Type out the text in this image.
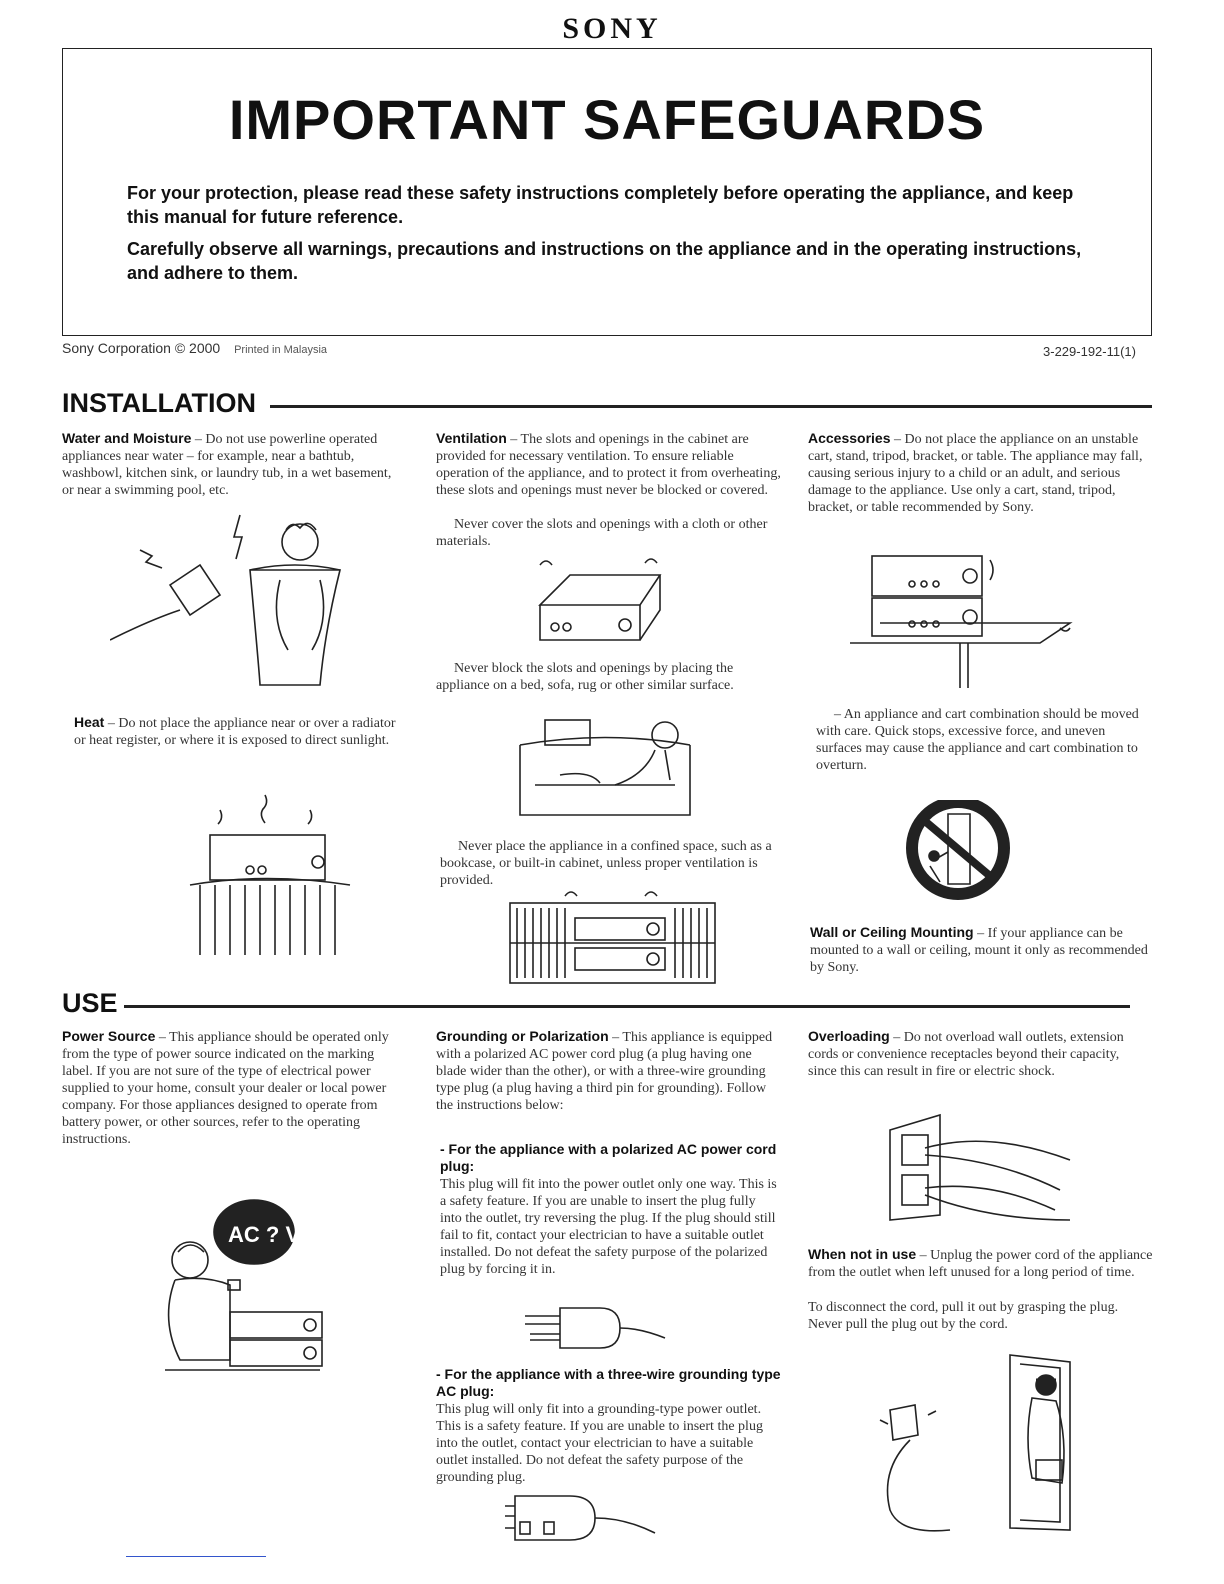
SONY
IMPORTANT SAFEGUARDS

For your protection, please read these safety instructions completely before operating the appliance, and keep this manual for future reference.

Carefully observe all warnings, precautions and instructions on the appliance and in the operating instructions, and adhere to them.

Sony Corporation © 2000 Printed in Malaysia	3-229-192-11(1)
INSTALLATION

Water and Moisture – Do not use powerline operated appliances near water – for example, near a bathtub, washbowl, kitchen sink, or laundry tub, in a wet basement, or near a swimming pool, etc.

Heat – Do not place the appliance near or over a radiator or heat register, or where it is exposed to direct sunlight.

Ventilation – The slots and openings in the cabinet are provided for necessary ventilation. To ensure reliable operation of the appliance, and to protect it from overheating, these slots and openings must never be blocked or covered.

Never cover the slots and openings with a cloth or other materials.

Never block the slots and openings by placing the appliance on a bed, sofa, rug or other similar surface.

Never place the appliance in a confined space, such as a bookcase, or built-in cabinet, unless proper ventilation is provided.

Accessories – Do not place the appliance on an unstable cart, stand, tripod, bracket, or table. The appliance may fall, causing serious injury to a child or an adult, and serious damage to the appliance. Use only a cart, stand, tripod, bracket, or table recommended by Sony.

– An appliance and cart combination should be moved with care. Quick stops, excessive force, and uneven surfaces may cause the appliance and cart combination to overturn.

Wall or Ceiling Mounting – If your appliance can be mounted to a wall or ceiling, mount it only as recommended by Sony.

USE

Power Source – This appliance should be operated only from the type of power source indicated on the marking label. If you are not sure of the type of electrical power supplied to your home, consult your dealer or local power company. For those appliances designed to operate from battery power, or other sources, refer to the operating instructions.

AC ? V

Grounding or Polarization – This appliance is equipped with a polarized AC power cord plug (a plug having one blade wider than the other), or with a three-wire grounding type plug (a plug having a third pin for grounding). Follow the instructions below:

- For the appliance with a polarized AC power cord plug:

This plug will fit into the power outlet only one way. This is a safety feature. If you are unable to insert the plug fully into the outlet, try reversing the plug. If the plug should still fail to fit, contact your electrician to have a suitable outlet installed. Do not defeat the safety purpose of the polarized plug by forcing it in.

- For the appliance with a three-wire grounding type AC plug:

This plug will only fit into a grounding-type power outlet. This is a safety feature. If you are unable to insert the plug into the outlet, contact your electrician to have a suitable outlet installed. Do not defeat the safety purpose of the grounding plug.

Overloading – Do not overload wall outlets, extension cords or convenience receptacles beyond their capacity, since this can result in fire or electric shock.

When not in use – Unplug the power cord of the appliance from the outlet when left unused for a long period of time.

To disconnect the cord, pull it out by grasping the plug. Never pull the plug out by the cord.
